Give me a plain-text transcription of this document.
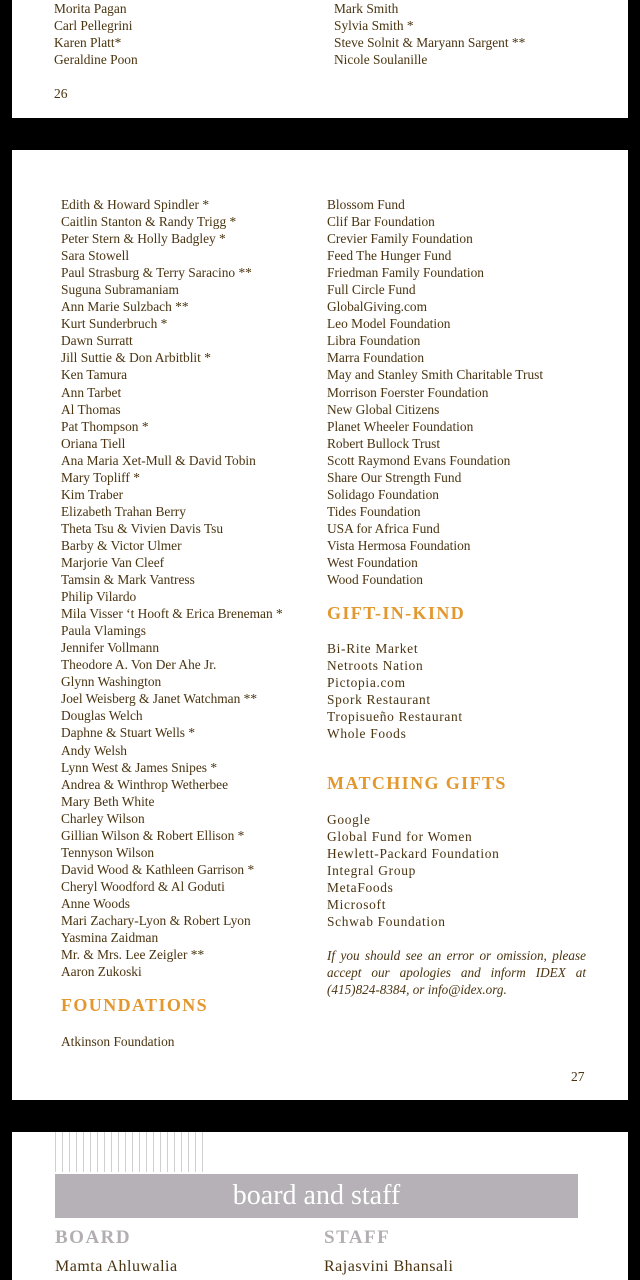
Morita Pagan
Carl Pellegrini
Karen Platt*
Geraldine Poon
Mark Smith
Sylvia Smith *
Steve Solnit & Maryann Sargent **
Nicole Soulanille
26
Edith & Howard Spindler *
Caitlin Stanton & Randy Trigg *
Peter Stern & Holly Badgley *
Sara Stowell
Paul Strasburg & Terry Saracino **
Suguna Subramaniam
Ann Marie Sulzbach **
Kurt Sunderbruch *
Dawn Surratt
Jill Suttie & Don Arbitblit *
Ken Tamura
Ann Tarbet
Al Thomas
Pat Thompson *
Oriana Tiell
Ana Maria Xet-Mull & David Tobin
Mary Topliff *
Kim Traber
Elizabeth Trahan Berry
Theta Tsu & Vivien Davis Tsu
Barby & Victor Ulmer
Marjorie Van Cleef
Tamsin & Mark Vantress
Philip Vilardo
Mila Visser ‘t Hooft & Erica Breneman *
Paula Vlamings
Jennifer Vollmann
Theodore A. Von Der Ahe Jr.
Glynn Washington
Joel Weisberg & Janet Watchman **
Douglas Welch
Daphne & Stuart Wells *
Andy Welsh
Lynn West & James Snipes *
Andrea & Winthrop Wetherbee
Mary Beth White
Charley Wilson
Gillian Wilson & Robert Ellison *
Tennyson Wilson
David Wood & Kathleen Garrison *
Cheryl Woodford & Al Goduti
Anne Woods
Mari Zachary-Lyon & Robert Lyon
Yasmina Zaidman
Mr. & Mrs. Lee Zeigler **
Aaron Zukoski
FOUNDATIONS
Atkinson Foundation
Blossom Fund
Clif Bar Foundation
Crevier Family Foundation
Feed The Hunger Fund
Friedman Family Foundation
Full Circle Fund
GlobalGiving.com
Leo Model Foundation
Libra Foundation
Marra Foundation
May and Stanley Smith Charitable Trust
Morrison Foerster Foundation
New Global Citizens
Planet Wheeler Foundation
Robert Bullock Trust
Scott Raymond Evans Foundation
Share Our Strength Fund
Solidago Foundation
Tides Foundation
USA for Africa Fund
Vista Hermosa Foundation
West Foundation
Wood Foundation
GIFT-IN-KIND
Bi-Rite Market
Netroots Nation
Pictopia.com
Spork Restaurant
Tropisueño Restaurant
Whole Foods
MATCHING GIFTS
Google
Global Fund for Women
Hewlett-Packard Foundation
Integral Group
MetaFoods
Microsoft
Schwab Foundation
If you should see an error or omission, please accept our apologies and inform IDEX at (415)824-8384, or info@idex.org.
27
board and staff
BOARD	STAFF
Mamta Ahluwalia	Rajasvini Bhansali
